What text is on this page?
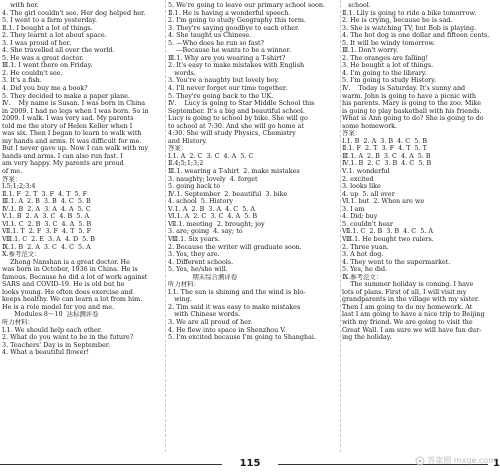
with her.
4. The girl couldn't see. Her dog helped her.
5. I went to a farm yesterday.
Ⅱ.1. I bought a lot of things.
2. They learnt a lot about space.
3. I was proud of her.
4. She travelled all over the world.
5. He was a great doctor.
Ⅲ.1. I went there on Friday.
2. He couldn't see.
3. It's a fish.
4. Did you buy me a book?
5. They decided to make a paper plane.
Ⅳ.    My name is Susan. I was born in China
in 2009. I had no legs when I was born. So in
2009. I walk. I was very sad. My parents
told me the story of Helen Keller when I
was six. Then I began to learn to walk with
my hands and arms. It was difficult for me.
But I never gave up. Now I can walk with my
hands and arms. I can also run fast. I
am very happy. My parents are proud
of me.
答案：
Ⅰ.5;1;2;3;4
Ⅱ.1. F  2. T  3. F  4. T  5. F
Ⅲ.1. A  2. B  3. B  4. C  5. B
Ⅳ.1. B  2. A  3. A  4. A  5. C
Ⅴ.1. B  2. A  3. C  4. B  5. A
Ⅵ.1. C  2. B  3. C  4. A  5. B
Ⅶ.1. T  2. F  3. F  4. T  5. F
Ⅷ.1. C  2. E  3. A  4. D  5. B
Ⅸ.1. B  2. A  3. C  4. C  5. A
Ⅹ.参考范文：
Zhong Nanshan is a great doctor. He
was born in October, 1936 in China. He is
famous. Because he did a lot of work against
SARS and COVID-19. He is old but he
looks young. He often does exercise and
keeps healthy. We can learn a lot from him.
He is a role model for you and me.
Modules 8～10  达标测评卷
听力材料：
Ⅰ.1. We should help each other.
2. What do you want to be in the future?
3. Teachers' Day is in September.
4. What a beautiful flower!
5. We're going to leave our primary school soon.
Ⅱ.1. He is having a wonderful speech.
2. I'm going to study Geography this term.
3. They're saying goodbye to each other.
4. She taught us Chinese.
5. —Who does he run so fast?
—Because he wants to be a winner.
Ⅲ.1. Why are you wearing a T-shirt?
2. It's easy to make mistakes with English
words.
3. You're a naughty but lovely boy.
4. I'll never forget our time together.
5. They're going back to the UK.
Ⅳ.    Lucy is going to Star Middle School this
September. It's a big and beautiful school.
Lucy is going to school by bike. She will go
to school at 7:30. And she will go home at
4:30. She will study Physics, Chemistry
and History.
答案：
Ⅰ.1. A  2. C  3. C  4. A  5. C
Ⅱ.4;5;1;3;2
Ⅲ.1. wearing a T-shirt  2. make mistakes
3. naughty; lovely  4. forget
5. going back to
Ⅳ.1. September  2. beautiful  3. bike
4. school  5. History
Ⅴ.1. A  2. B  3. A  4. C  5. A
Ⅵ.1. A  2. C  3. C  4. A  5. B
Ⅶ.1. meeting  2. brought; joy
3. are; going  4. say; to
Ⅷ.1. Six years.
2. Because the writer will graduate soon.
3. Yes, they are.
4. Different schools.
5. Yes, he/she will.
期末综合测评卷
听力材料：
Ⅰ.1. The sun is shining and the wind is blo-
wing.
2. Tim said it was easy to make mistakes
with Chinese words.
3. We are all proud of her.
4. He flew into space in Shenzhou V.
5. I'm excited because I'm going to Shanghai.
school.
Ⅱ.1. Lily is going to ride a bike tomorrow.
2. He is crying, because he is sad.
3. She is watching TV, but Bob is playing.
4. The hot dog is one dollar and fifteen cents.
5. It will be windy tomorrow.
Ⅲ.1. Don't worry.
2. The oranges are falling!
3. He bought a lot of things.
4. I'm going to the library.
5. I'm going to study History.
Ⅳ.    Today is Saturday. It's sunny and
warm. John is going to have a picnic with
his parents. Mary is going to the zoo. Mike
is going to play basketball with his friends.
What is Ann going to do? She is going to do
some homework.
答案：
Ⅰ.1. B  2. A  3. B  4. C  5. B
Ⅱ.1. F  2. T  3. F  4. T  5. T
Ⅲ.1. A  2. B  3. C  4. A  5. B
Ⅳ.1. B  2. C  3. B  4. C  5. B
Ⅴ.1. wonderful
2. excited
3. looks like
4. up  5. all over
Ⅵ.1. but  2. When are we
3. I am
4. Did; buy
5. couldn't hear
Ⅶ.1. C  2. B  3. B  4. C  5. A
Ⅷ.1. He bought two rulers.
2. Three yuan.
3. A hot dog.
4. They went to the supermarket.
5. Yes, he did.
Ⅸ.参考范文：
The summer holiday is coming. I have
lots of plans. First of all, I will visit my
grandparents in the village with my sister.
Then I am going to do my homework. At
last I am going to have a nice trip to Beijing
with my friend. We are going to visit the
Great Wall. I am sure we will have fun dur-
ing the holiday.
115	1
答案圈 mxqe.com
